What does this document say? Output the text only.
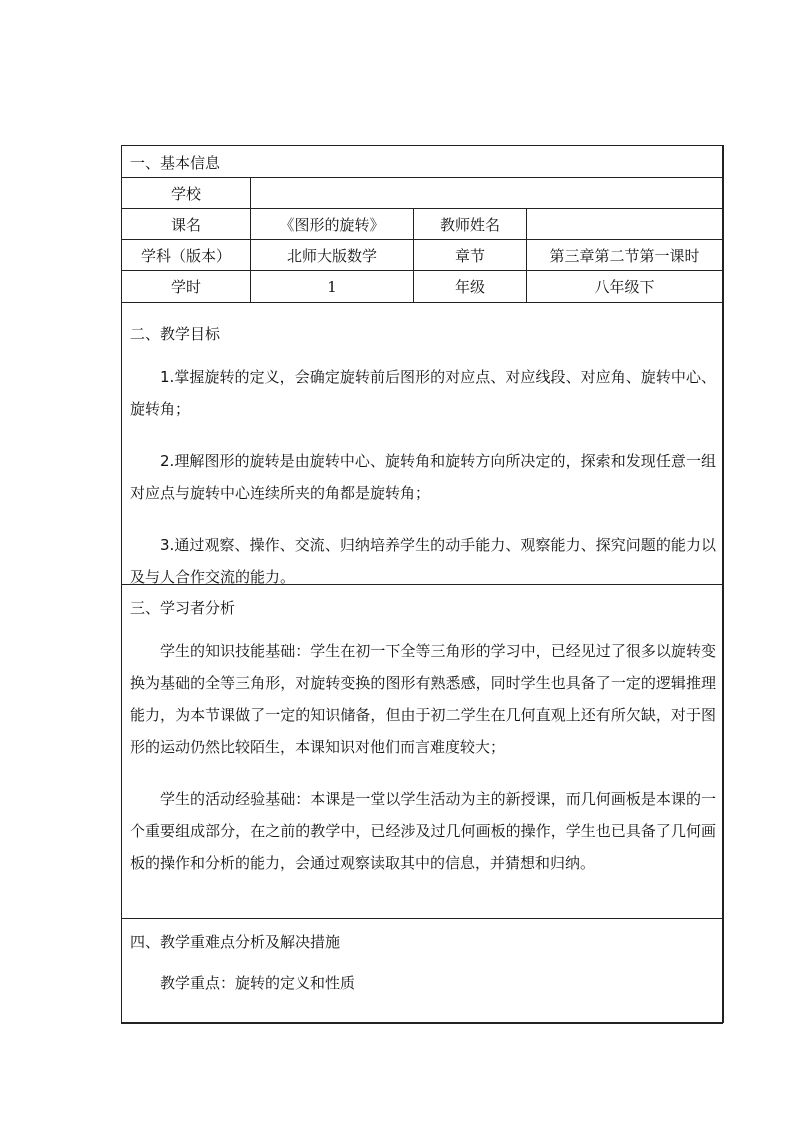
一、基本信息
学校
课名	《图形的旋转》	教师姓名
学科（版本）	北师大版数学	章节	第三章第二节第一课时
学时	1	年级	八年级下
二、教学目标
1.掌握旋转的定义，会确定旋转前后图形的对应点、对应线段、对应角、旋转中心、旋转角；
2.理解图形的旋转是由旋转中心、旋转角和旋转方向所决定的，探索和发现任意一组对应点与旋转中心连续所夹的角都是旋转角；
3.通过观察、操作、交流、归纳培养学生的动手能力、观察能力、探究问题的能力以及与人合作交流的能力。
三、学习者分析
学生的知识技能基础：学生在初一下全等三角形的学习中，已经见过了很多以旋转变换为基础的全等三角形，对旋转变换的图形有熟悉感，同时学生也具备了一定的逻辑推理能力，为本节课做了一定的知识储备，但由于初二学生在几何直观上还有所欠缺，对于图形的运动仍然比较陌生，本课知识对他们而言难度较大；
学生的活动经验基础：本课是一堂以学生活动为主的新授课，而几何画板是本课的一个重要组成部分，在之前的教学中，已经涉及过几何画板的操作，学生也已具备了几何画板的操作和分析的能力，会通过观察读取其中的信息，并猜想和归纳。
四、教学重难点分析及解决措施
教学重点：旋转的定义和性质
